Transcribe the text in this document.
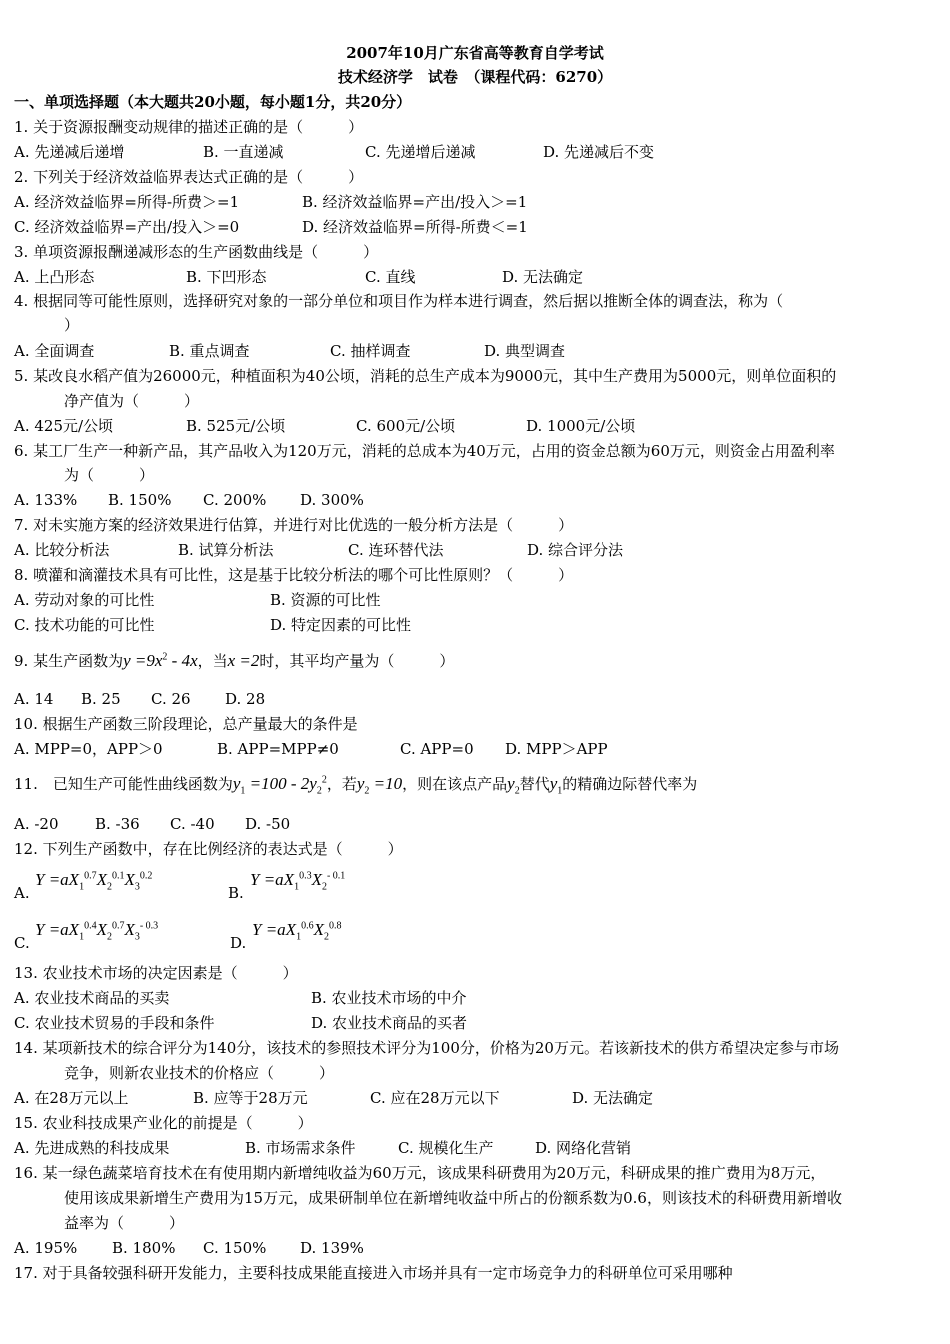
2007年10月广东省高等教育自学考试
技术经济学　试卷　（课程代码：6270）
一、单项选择题（本大题共20小题，每小题1分，共20分）
1. 关于资源报酬变动规律的描述正确的是（　　　）
A. 先递减后递增	B. 一直递减	C. 先递增后递减	D. 先递减后不变
2. 下列关于经济效益临界表达式正确的是（　　　）
A. 经济效益临界=所得-所费＞=1	B. 经济效益临界=产出/投入＞=1
C. 经济效益临界=产出/投入＞=0	D. 经济效益临界=所得-所费＜=1
3. 单项资源报酬递减形态的生产函数曲线是（　　　）
A. 上凸形态	B. 下凹形态	C. 直线	D. 无法确定
4. 根据同等可能性原则，选择研究对象的一部分单位和项目作为样本进行调查，然后据以推断全体的调查法，称为（
）
A. 全面调查	B. 重点调查	C. 抽样调查	D. 典型调查
5. 某改良水稻产值为26000元，种植面积为40公顷，消耗的总生产成本为9000元，其中生产费用为5000元，则单位面积的
净产值为（　　　）
A. 425元/公顷	B. 525元/公顷	C. 600元/公顷	D. 1000元/公顷
6. 某工厂生产一种新产品，其产品收入为120万元，消耗的总成本为40万元，占用的资金总额为60万元，则资金占用盈利率
为（　　　）
A. 133% B. 150% C. 200% D. 300%
7. 对未实施方案的经济效果进行估算，并进行对比优选的一般分析方法是（　　　）
A. 比较分析法	B. 试算分析法	C. 连环替代法	D. 综合评分法
8. 喷灌和滴灌技术具有可比性，这是基于比较分析法的哪个可比性原则？（　　　）
A. 劳动对象的可比性	B. 资源的可比性
C. 技术功能的可比性	D. 特定因素的可比性
9. 某生产函数为$y =9x^2 - 4x$，当x =2时，其平均产量为（　　　）
A. 14 B. 25 C. 26 D. 28
10. 根据生产函数三阶段理论，总产量最大的条件是
A. MPP=0，APP＞0	B. APP=MPP≠0	C. APP=0 D. MPP＞APP
11.　已知生产可能性曲线函数为$y_1 =100 - 2y_2^2$，若$y_2 =10$，则在该点产品$y_2$替代$y_1$的精确边际替代率为
A. -20 B. -36 C. -40 D. -50
12. 下列生产函数中，存在比例经济的表达式是（　　　）
A.
$Y =aX_1^{0.7}X_2^{0.1}X_3^{0.2}$
B.
$Y =aX_1^{0.3}X_2^{- 0.1}$
C.
$Y =aX_1^{0.4}X_2^{0.7}X_3^{- 0.3}$
D.
$Y =aX_1^{0.6}X_2^{0.8}$
13. 农业技术市场的决定因素是（　　　）
A. 农业技术商品的买卖	B. 农业技术市场的中介
C. 农业技术贸易的手段和条件	D. 农业技术商品的买者
14. 某项新技术的综合评分为140分，该技术的参照技术评分为100分，价格为20万元。若该新技术的供方希望决定参与市场
竞争，则新农业技术的价格应（　　　）
A. 在28万元以上	B. 应等于28万元	C. 应在28万元以下	D. 无法确定
15. 农业科技成果产业化的前提是（　　　）
A. 先进成熟的科技成果	B. 市场需求条件	C. 规模化生产	D. 网络化营销
16. 某一绿色蔬菜培育技术在有使用期内新增纯收益为60万元，该成果科研费用为20万元，科研成果的推广费用为8万元，
使用该成果新增生产费用为15万元，成果研制单位在新增纯收益中所占的份额系数为0.6，则该技术的科研费用新增收
益率为（　　　）
A. 195% B. 180% C. 150% D. 139%
17. 对于具备较强科研开发能力，主要科技成果能直接进入市场并具有一定市场竞争力的科研单位可采用哪种
